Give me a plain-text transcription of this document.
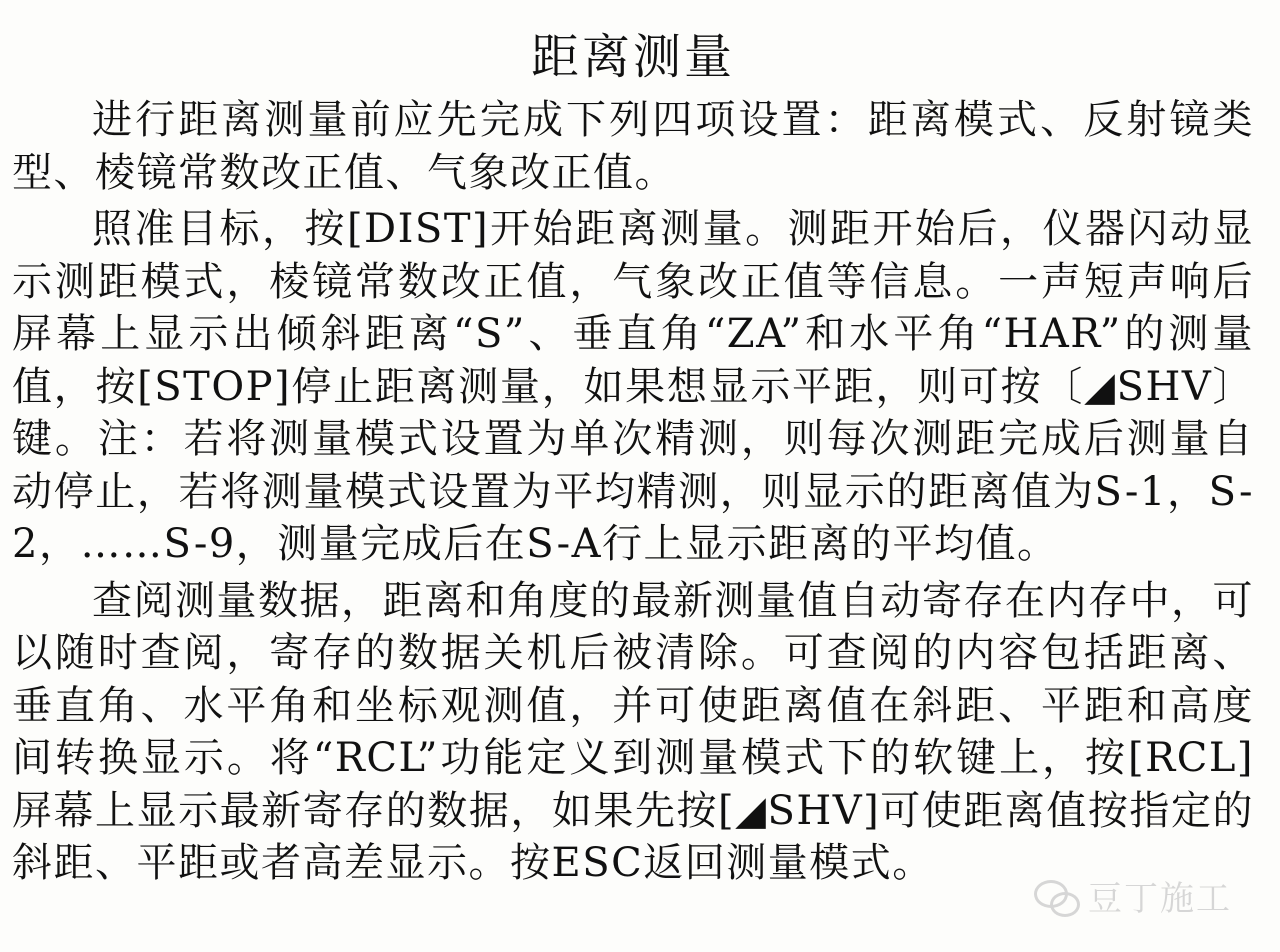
距离测量

进行距离测量前应先完成下列四项设置：距离模式、反射镜类型、棱镜常数改正值、气象改正值。

照准目标，按[DIST]开始距离测量。测距开始后，仪器闪动显示测距模式，棱镜常数改正值，气象改正值等信息。一声短声响后屏幕上显示出倾斜距离“S”、垂直角“ZA”和水平角“HAR”的测量值，按[STOP]停止距离测量，如果想显示平距，则可按〔◢SHV〕键。注：若将测量模式设置为单次精测，则每次测距完成后测量自动停止，若将测量模式设置为平均精测，则显示的距离值为S-1，S-2，……S-9，测量完成后在S-A行上显示距离的平均值。

查阅测量数据，距离和角度的最新测量值自动寄存在内存中，可以随时查阅，寄存的数据关机后被清除。可查阅的内容包括距离、垂直角、水平角和坐标观测值，并可使距离值在斜距、平距和高度间转换显示。将“RCL”功能定义到测量模式下的软键上，按[RCL]屏幕上显示最新寄存的数据，如果先按[◢SHV]可使距离值按指定的斜距、平距或者高差显示。按ESC返回测量模式。

豆丁施工
